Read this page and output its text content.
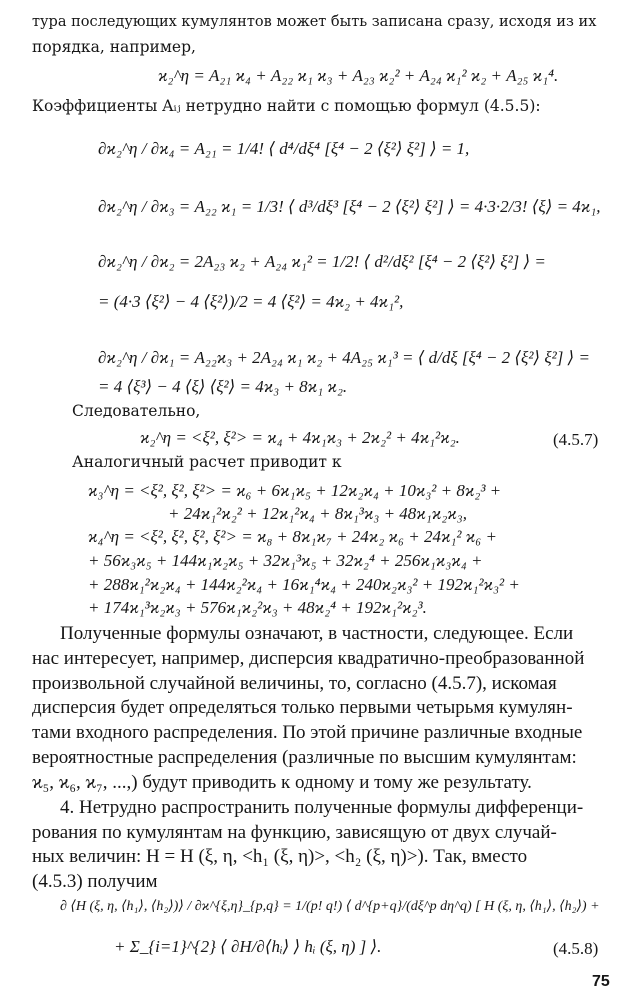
тура последующих кумулянтов может быть записана сразу, исходя из их
порядка, например,
ϰ₂^η = A₂₁ ϰ₄ + A₂₂ ϰ₁ ϰ₃ + A₂₃ ϰ₂² + A₂₄ ϰ₁² ϰ₂ + A₂₅ ϰ₁⁴.
Коэффициенты Aᵢⱼ нетрудно найти с помощью формул (4.5.5):
∂ϰ₂^η / ∂ϰ₄ = A₂₁ = 1/4! ⟨ d⁴/dξ⁴ [ξ⁴ − 2 ⟨ξ²⟩ ξ²] ⟩ = 1,
∂ϰ₂^η / ∂ϰ₃ = A₂₂ ϰ₁ = 1/3! ⟨ d³/dξ³ [ξ⁴ − 2 ⟨ξ²⟩ ξ²] ⟩ = 4·3·2/3! ⟨ξ⟩ = 4ϰ₁,
∂ϰ₂^η / ∂ϰ₂ = 2A₂₃ ϰ₂ + A₂₄ ϰ₁² = 1/2! ⟨ d²/dξ² [ξ⁴ − 2 ⟨ξ²⟩ ξ²] ⟩ =
= (4·3 ⟨ξ²⟩ − 4 ⟨ξ²⟩)/2 = 4 ⟨ξ²⟩ = 4ϰ₂ + 4ϰ₁²,
∂ϰ₂^η / ∂ϰ₁ = A₂₂ϰ₃ + 2A₂₄ ϰ₁ ϰ₂ + 4A₂₅ ϰ₁³ = ⟨ d/dξ [ξ⁴ − 2 ⟨ξ²⟩ ξ²] ⟩ =
= 4 ⟨ξ³⟩ − 4 ⟨ξ⟩ ⟨ξ²⟩ = 4ϰ₃ + 8ϰ₁ ϰ₂.
Следовательно,
ϰ₂^η = <ξ², ξ²> = ϰ₄ + 4ϰ₁ϰ₃ + 2ϰ₂² + 4ϰ₁²ϰ₂.	(4.5.7)
Аналогичный расчет приводит к
ϰ₃^η = <ξ², ξ², ξ²> = ϰ₆ + 6ϰ₁ϰ₅ + 12ϰ₂ϰ₄ + 10ϰ₃² + 8ϰ₂³ +
+ 24ϰ₁²ϰ₂² + 12ϰ₁²ϰ₄ + 8ϰ₁³ϰ₃ + 48ϰ₁ϰ₂ϰ₃,
ϰ₄^η = <ξ², ξ², ξ², ξ²> = ϰ₈ + 8ϰ₁ϰ₇ + 24ϰ₂ ϰ₆ + 24ϰ₁² ϰ₆ +
+ 56ϰ₃ϰ₅ + 144ϰ₁ϰ₂ϰ₅ + 32ϰ₁³ϰ₅ + 32ϰ₂⁴ + 256ϰ₁ϰ₃ϰ₄ +
+ 288ϰ₁²ϰ₂ϰ₄ + 144ϰ₂²ϰ₄ + 16ϰ₁⁴ϰ₄ + 240ϰ₂ϰ₃² + 192ϰ₁²ϰ₃² +
+ 174ϰ₁³ϰ₂ϰ₃ + 576ϰ₁ϰ₂²ϰ₃ + 48ϰ₂⁴ + 192ϰ₁²ϰ₂³.
Полученные формулы означают, в частности, следующее. Если
нас интересует, например, дисперсия квадратично-преобразованной
произвольной случайной величины, то, согласно (4.5.7), искомая
дисперсия будет определяться только первыми четырьмя кумулян-
тами входного распределения. По этой причине различные входные
вероятностные распределения (различные по высшим кумулянтам:
ϰ₅, ϰ₆, ϰ₇, ...,) будут приводить к одному и тому же результату.
4. Нетрудно распространить полученные формулы дифференци-
рования по кумулянтам на функцию, зависящую от двух случай-
ных величин: H = H (ξ, η, <h₁ (ξ, η)>, <h₂ (ξ, η)>). Так, вместо
(4.5.3) получим
∂ ⟨H (ξ, η, ⟨h₁⟩, ⟨h₂⟩)⟩ / ∂ϰ^{ξ,η}_{p,q} = 1/(p! q!) ⟨ d^{p+q}/(dξ^p dη^q) [ H (ξ, η, ⟨h₁⟩, ⟨h₂⟩) +
+ Σ_{i=1}^{2} ⟨ ∂H/∂⟨hᵢ⟩ ⟩ hᵢ (ξ, η) ] ⟩.	(4.5.8)
75
